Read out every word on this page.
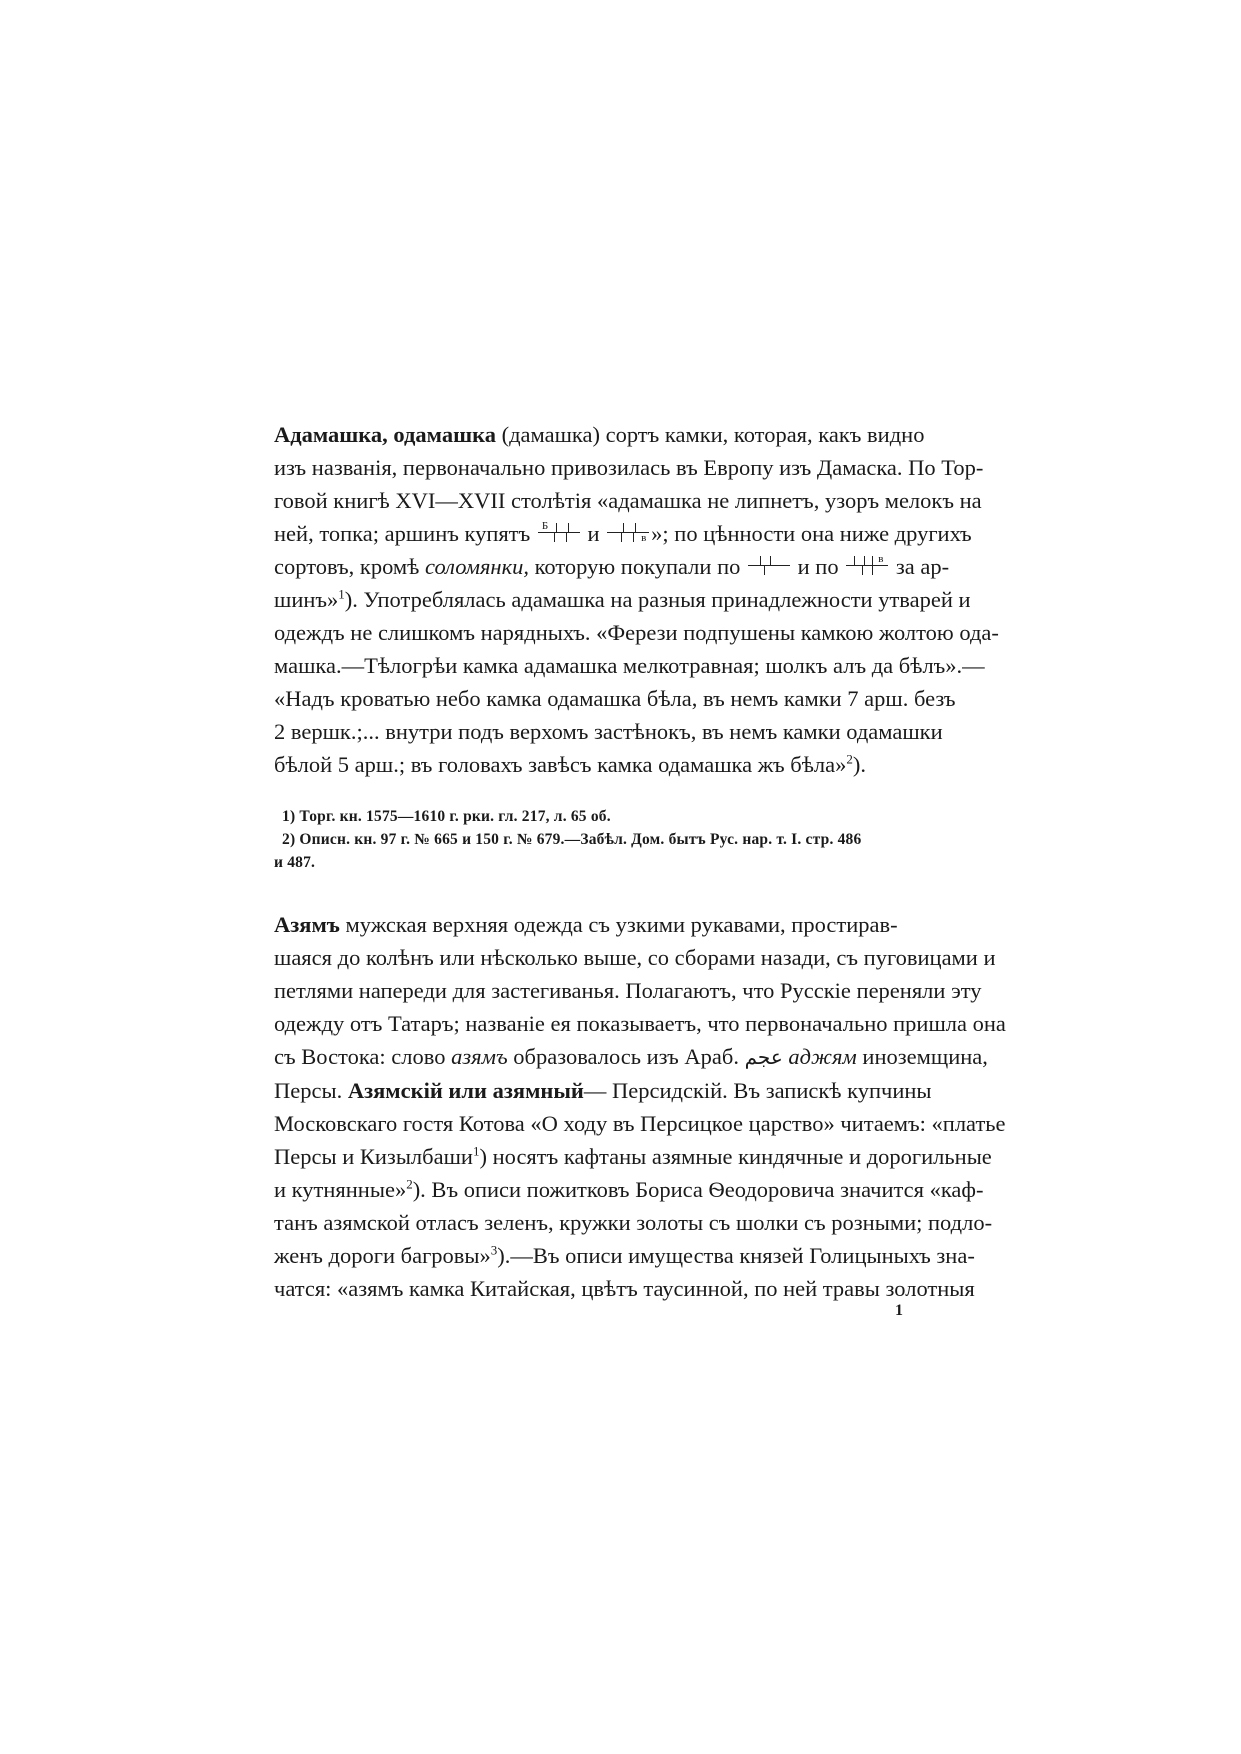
Адамашка, одамашка (дамашка) сортъ камки, которая, какъ видно

изъ названія, первоначально привозилась въ Европу изъ Дамаска. По Тор-

говой книгѣ XVI—XVII столѣтія «адамашка не липнетъ, узоръ мелокъ на

ней, топка; аршинъ купятъ Б и	в »; по цѣнности она ниже другихъ

сортовъ, кромѣ соломянки, которую покупали по	и по	в за ар-

шинъ»$^1$). Употреблялась адамашка на разныя принадлежности утварей и

одеждъ не слишкомъ нарядныхъ. «Ферези подпушены камкою жолтою ода-

машка.—Тѣлогрѣи камка адамашка мелкотравная; шолкъ алъ да бѣлъ».—

«Надъ кроватью небо камка одамашка бѣла, въ немъ камки 7 арш. безъ

2 вершк.;... внутри подъ верхомъ застѣнокъ, въ немъ камки одамашки

бѣлой 5 арш.; въ головахъ завѣсъ камка одамашка жъ бѣла»$^2$).

1) Торг. кн. 1575—1610 г. рки. гл. 217, л. 65 об.
2) Описн. кн. 97 г. № 665 и 150 г. № 679.—Забѣл. Дом. бытъ Рус. нар. т. I. стр. 486
и 487.

Азямъ мужская верхняя одежда съ узкими рукавами, простирав-

шаяся до колѣнъ или нѣсколько выше, со сборами назади, съ пуговицами и

петлями напереди для застегиванья. Полагаютъ, что Русскіе переняли эту

одежду отъ Татаръ; названіе ея показываетъ, что первоначально пришла она

съ Востока: слово азямъ образовалось изъ Араб. عجم аджям иноземщина,

Персы. Азямскій или азямный— Персидскій. Въ запискѣ купчины

Московскаго гостя Котова «О ходу въ Персицкое царство» читаемъ: «платье

Персы и Кизылбаши$^1$) носятъ кафтаны азямные киндячные и дорогильные

и кутнянные»$^2$). Въ описи пожитковъ Бориса Ѳеодоровича значится «каф-

танъ азямской отласъ зеленъ, кружки золоты съ шолки съ розными; подло-

женъ дороги багровы»$^3$).—Въ описи имущества князей Голицыныхъ зна-

чатся: «азямъ камка Китайская, цвѣтъ таусинной, по ней травы золотныя

1
